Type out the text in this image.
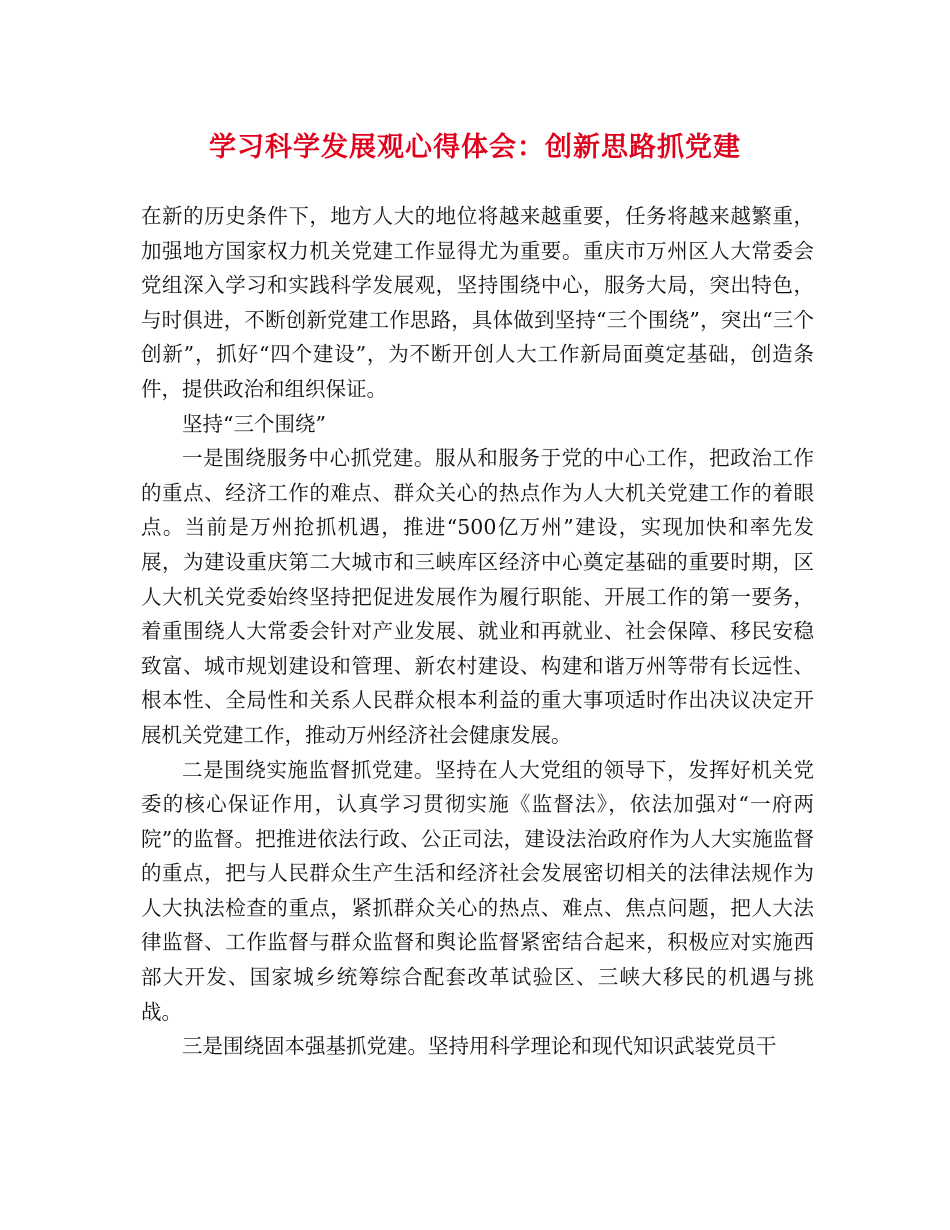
学习科学发展观心得体会：创新思路抓党建

在新的历史条件下，地方人大的地位将越来越重要，任务将越来越繁重，加强地方国家权力机关党建工作显得尤为重要。重庆市万州区人大常委会党组深入学习和实践科学发展观，坚持围绕中心，服务大局，突出特色，与时俱进，不断创新党建工作思路，具体做到坚持“三个围绕”，突出“三个创新”，抓好“四个建设”，为不断开创人大工作新局面奠定基础，创造条件，提供政治和组织保证。

坚持“三个围绕”

一是围绕服务中心抓党建。服从和服务于党的中心工作，把政治工作的重点、经济工作的难点、群众关心的热点作为人大机关党建工作的着眼点。当前是万州抢抓机遇，推进“500亿万州”建设，实现加快和率先发展，为建设重庆第二大城市和三峡库区经济中心奠定基础的重要时期，区人大机关党委始终坚持把促进发展作为履行职能、开展工作的第一要务，着重围绕人大常委会针对产业发展、就业和再就业、社会保障、移民安稳致富、城市规划建设和管理、新农村建设、构建和谐万州等带有长远性、根本性、全局性和关系人民群众根本利益的重大事项适时作出决议决定开展机关党建工作，推动万州经济社会健康发展。

二是围绕实施监督抓党建。坚持在人大党组的领导下，发挥好机关党委的核心保证作用，认真学习贯彻实施《监督法》，依法加强对“一府两院”的监督。把推进依法行政、公正司法，建设法治政府作为人大实施监督的重点，把与人民群众生产生活和经济社会发展密切相关的法律法规作为人大执法检查的重点，紧抓群众关心的热点、难点、焦点问题，把人大法律监督、工作监督与群众监督和舆论监督紧密结合起来，积极应对实施西部大开发、国家城乡统筹综合配套改革试验区、三峡大移民的机遇与挑战。

三是围绕固本强基抓党建。坚持用科学理论和现代知识武装党员干
